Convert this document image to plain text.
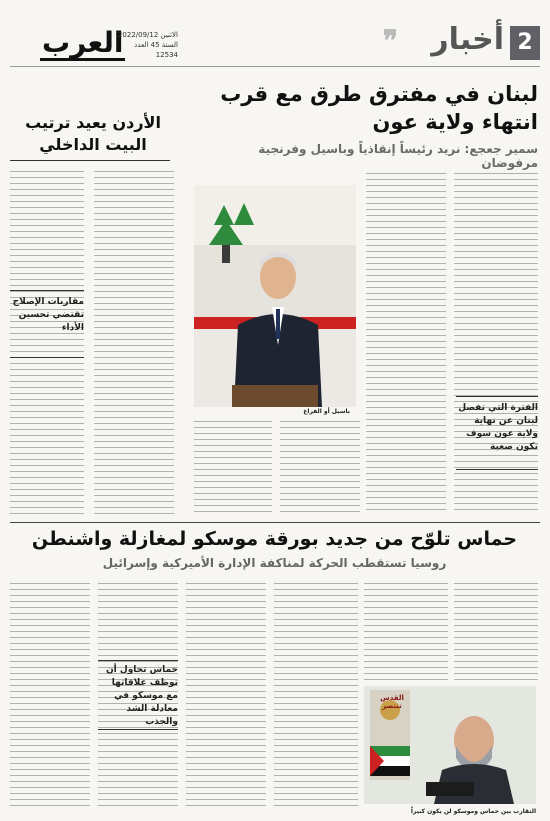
2
أخبار
❞
العرب
الاثنين 2022/09/12
السنة 45 العدد 12534
لبنان في مفترق طرق مع قرب انتهاء ولاية عون
سمير جعجع: نريد رئيساً إنقاذياً وباسيل وفرنجية مرفوضان
الأردن يعيد ترتيب البيت الداخلي
باسيل أو الفراغ	الفترة التي تفصل لبنان عن نهاية ولاية عون سوف تكون صعبة
مقاربات الإصلاح تقتضي تحسين الأداء
حماس تلوّح من جديد بورقة موسكو لمغازلة واشنطن
روسيا تستقطب الحركة لمناكفة الإدارة الأميركية وإسرائيل
حماس تحاول أن توظف علاقاتها مع موسكو في معادلة الشد والجذب
القدس تنتصر
التقارب بين حماس وموسكو لن يكون كبيراً
